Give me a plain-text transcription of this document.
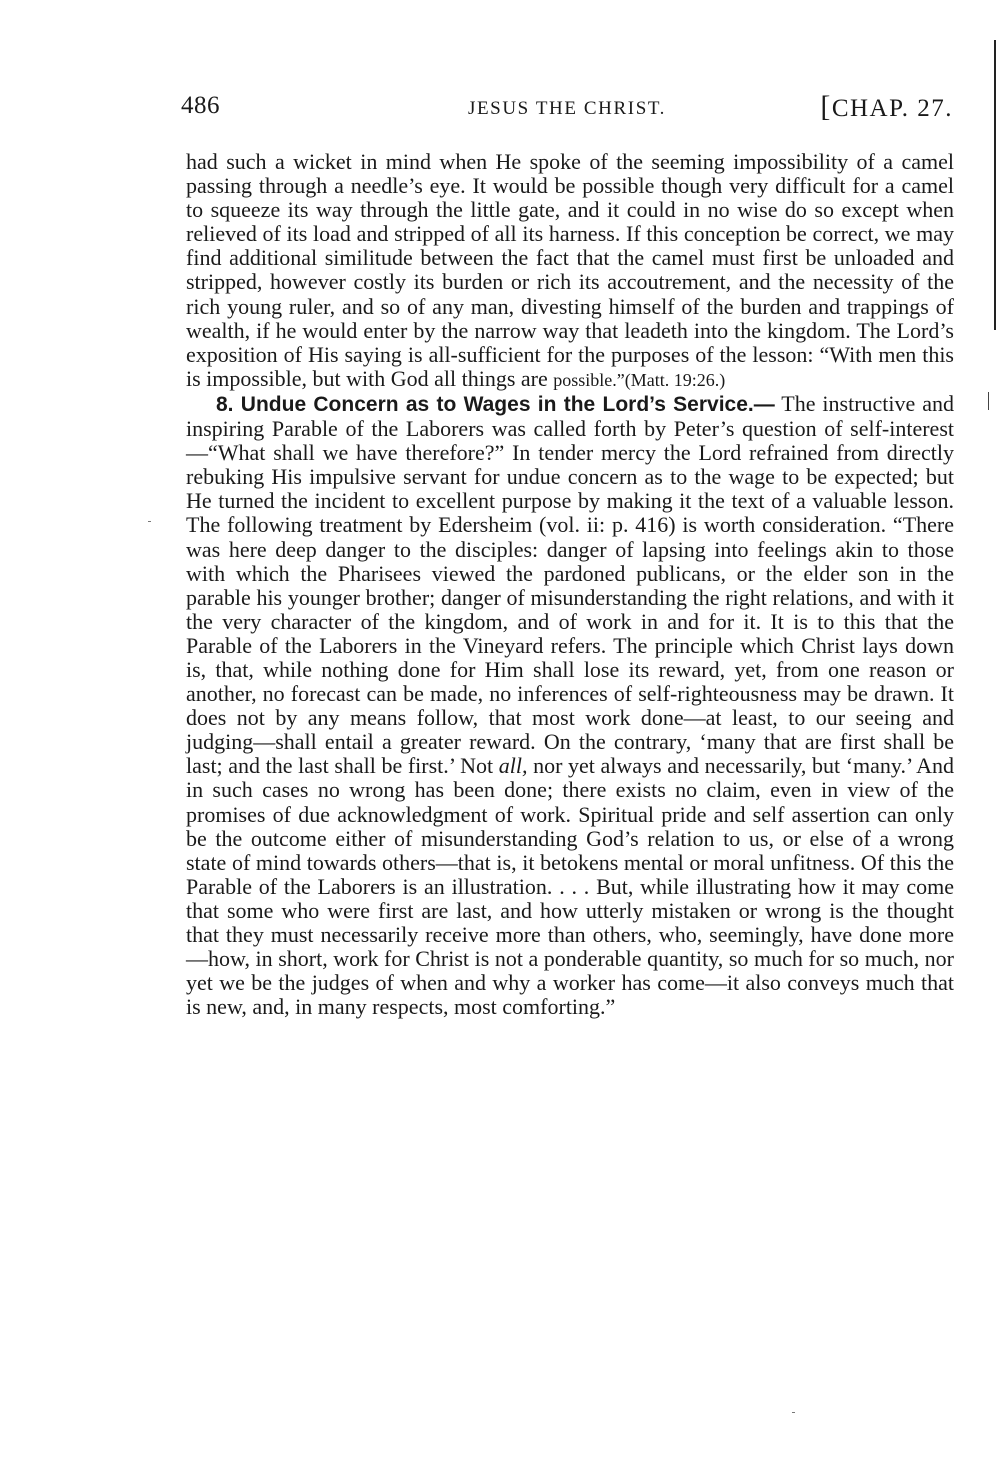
486	JESUS THE CHRIST.	[CHAP. 27.

had such a wicket in mind when He spoke of the seeming impossibility of a camel passing through a needle’s eye. It would be possible though very difficult for a camel to squeeze its way through the little gate, and it could in no wise do so except when relieved of its load and stripped of all its harness. If this conception be correct, we may find additional similitude between the fact that the camel must first be unloaded and stripped, however costly its burden or rich its accoutrement, and the necessity of the rich young ruler, and so of any man, divesting himself of the burden and trappings of wealth, if he would enter by the narrow way that leadeth into the kingdom. The Lord’s exposition of His saying is all-sufficient for the purposes of the lesson: “With men this is impossible, but with God all things are possible.”(Matt. 19:26.)

8. Undue Concern as to Wages in the Lord’s Service.— The instructive and inspiring Parable of the Laborers was called forth by Peter’s question of self-interest—“What shall we have therefore?” In tender mercy the Lord refrained from directly rebuking His impulsive servant for undue concern as to the wage to be expected; but He turned the incident to excellent purpose by making it the text of a valuable lesson. The following treatment by Edersheim (vol. ii: p. 416) is worth consideration. “There was here deep danger to the disciples: danger of lapsing into feelings akin to those with which the Pharisees viewed the pardoned publicans, or the elder son in the parable his younger brother; danger of misunderstanding the right relations, and with it the very character of the kingdom, and of work in and for it. It is to this that the Parable of the Laborers in the Vineyard refers. The principle which Christ lays down is, that, while nothing done for Him shall lose its reward, yet, from one reason or another, no forecast can be made, no inferences of self-righteousness may be drawn. It does not by any means follow, that most work done—at least, to our seeing and judging—shall entail a greater reward. On the contrary, ‘many that are first shall be last; and the last shall be first.’ Not all, nor yet always and necessarily, but ‘many.’ And in such cases no wrong has been done; there exists no claim, even in view of the promises of due acknowledgment of work. Spiritual pride and self assertion can only be the outcome either of misunderstanding God’s relation to us, or else of a wrong state of mind towards others—that is, it betokens mental or moral unfitness. Of this the Parable of the Laborers is an illustration. . . . But, while illustrating how it may come that some who were first are last, and how utterly mistaken or wrong is the thought that they must necessarily receive more than others, who, seemingly, have done more—how, in short, work for Christ is not a ponderable quantity, so much for so much, nor yet we be the judges of when and why a worker has come—it also conveys much that is new, and, in many respects, most comforting.”
